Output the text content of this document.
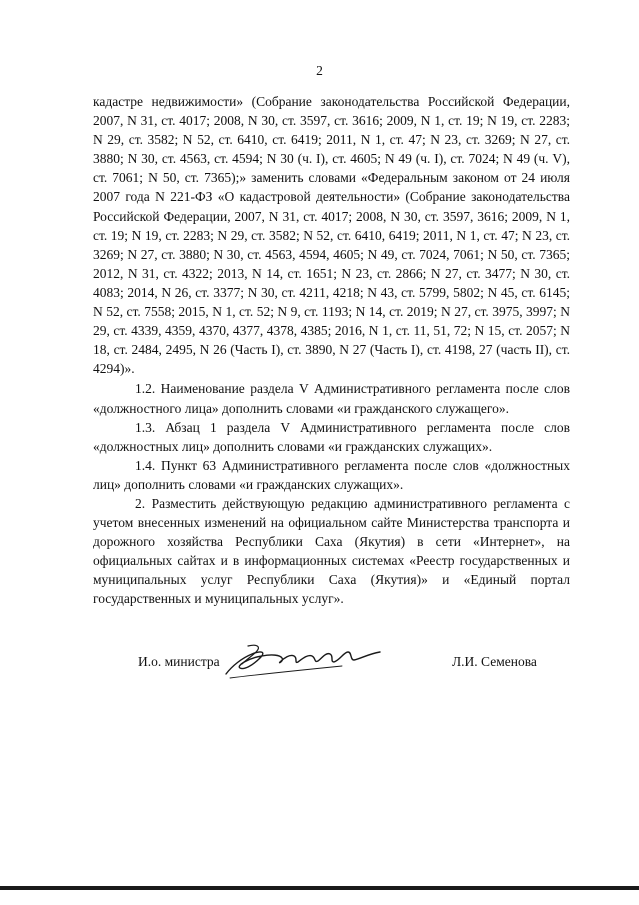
2

кадастре недвижимости» (Собрание законодательства Российской Федерации, 2007, N 31, ст. 4017; 2008, N 30, ст. 3597, ст. 3616; 2009, N 1, ст. 19; N 19, ст. 2283; N 29, ст. 3582; N 52, ст. 6410, ст. 6419; 2011, N 1, ст. 47; N 23, ст. 3269; N 27, ст. 3880; N 30, ст. 4563, ст. 4594; N 30 (ч. I), ст. 4605; N 49 (ч. I), ст. 7024; N 49 (ч. V), ст. 7061; N 50, ст. 7365);» заменить словами «Федеральным законом от 24 июля 2007 года N 221-ФЗ «О кадастровой деятельности» (Собрание законодательства Российской Федерации, 2007, N 31, ст. 4017; 2008, N 30, ст. 3597, 3616; 2009, N 1, ст. 19; N 19, ст. 2283; N 29, ст. 3582; N 52, ст. 6410, 6419; 2011, N 1, ст. 47; N 23, ст. 3269; N 27, ст. 3880; N 30, ст. 4563, 4594, 4605; N 49, ст. 7024, 7061; N 50, ст. 7365; 2012, N 31, ст. 4322; 2013, N 14, ст. 1651; N 23, ст. 2866; N 27, ст. 3477; N 30, ст. 4083; 2014, N 26, ст. 3377; N 30, ст. 4211, 4218; N 43, ст. 5799, 5802; N 45, ст. 6145; N 52, ст. 7558; 2015, N 1, ст. 52; N 9, ст. 1193; N 14, ст. 2019; N 27, ст. 3975, 3997; N 29, ст. 4339, 4359, 4370, 4377, 4378, 4385; 2016, N 1, ст. 11, 51, 72; N 15, ст. 2057; N 18, ст. 2484, 2495, N 26 (Часть I), ст. 3890, N 27 (Часть I), ст. 4198, 27 (часть II), ст. 4294)».

1.2. Наименование раздела V Административного регламента после слов «должностного лица» дополнить словами «и гражданского служащего».

1.3. Абзац 1 раздела V Административного регламента после слов «должностных лиц» дополнить словами «и гражданских служащих».

1.4. Пункт 63 Административного регламента после слов «должностных лиц» дополнить словами «и гражданских служащих».

2. Разместить действующую редакцию административного регламента с учетом внесенных изменений на официальном сайте Министерства транспорта и дорожного хозяйства Республики Саха (Якутия) в сети «Интернет», на официальных сайтах и в информационных системах «Реестр государственных и муниципальных услуг Республики Саха (Якутия)» и «Единый портал государственных и муниципальных услуг».

И.о. министра	Л.И. Семенова
